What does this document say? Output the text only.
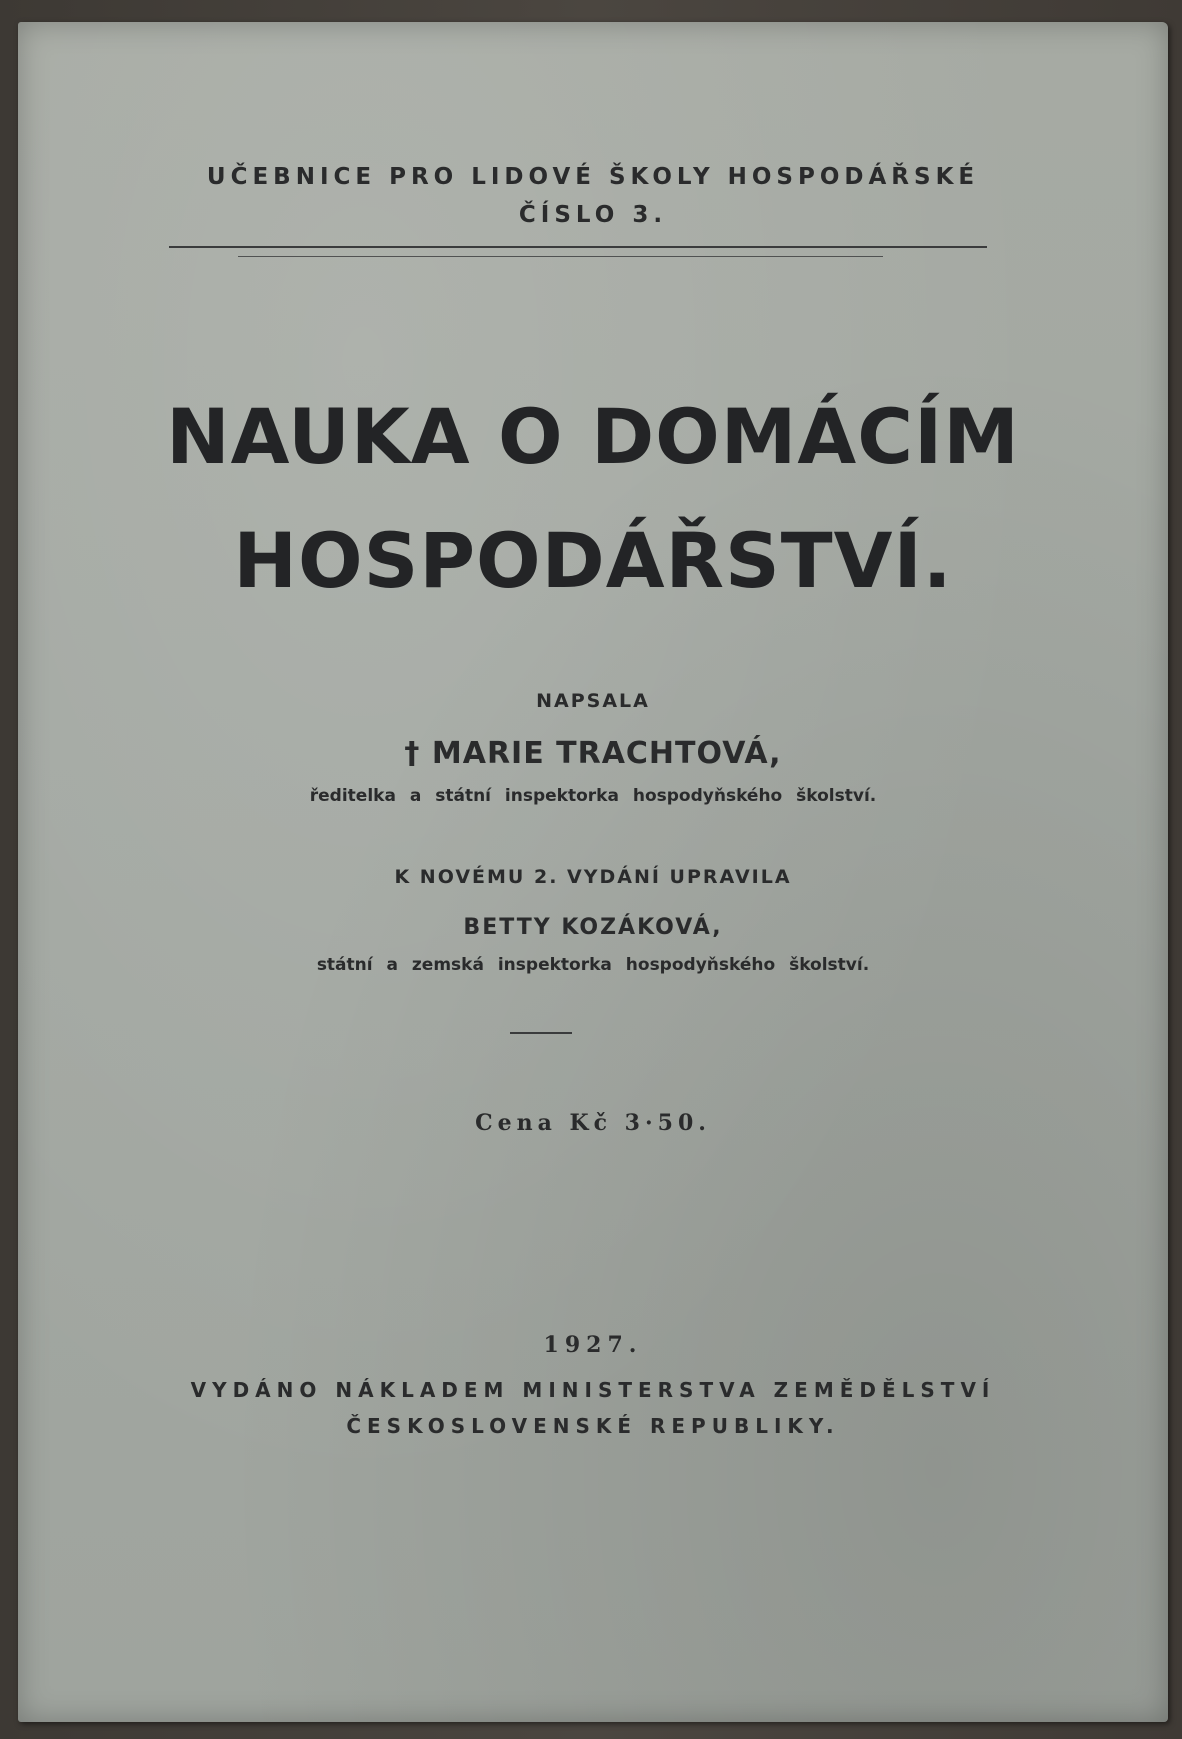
UČEBNICE PRO LIDOVÉ ŠKOLY HOSPODÁŘSKÉ
ČÍSLO 3.
NAUKA O DOMÁCÍM
HOSPODÁŘSTVÍ.
NAPSALA
† MARIE TRACHTOVÁ,
ředitelka a státní inspektorka hospodyňského školství.
K NOVÉMU 2. VYDÁNÍ UPRAVILA
BETTY KOZÁKOVÁ,
státní a zemská inspektorka hospodyňského školství.
Cena Kč 3·50.
1927.
VYDÁNO NÁKLADEM MINISTERSTVA ZEMĚDĚLSTVÍ
ČESKOSLOVENSKÉ REPUBLIKY.
